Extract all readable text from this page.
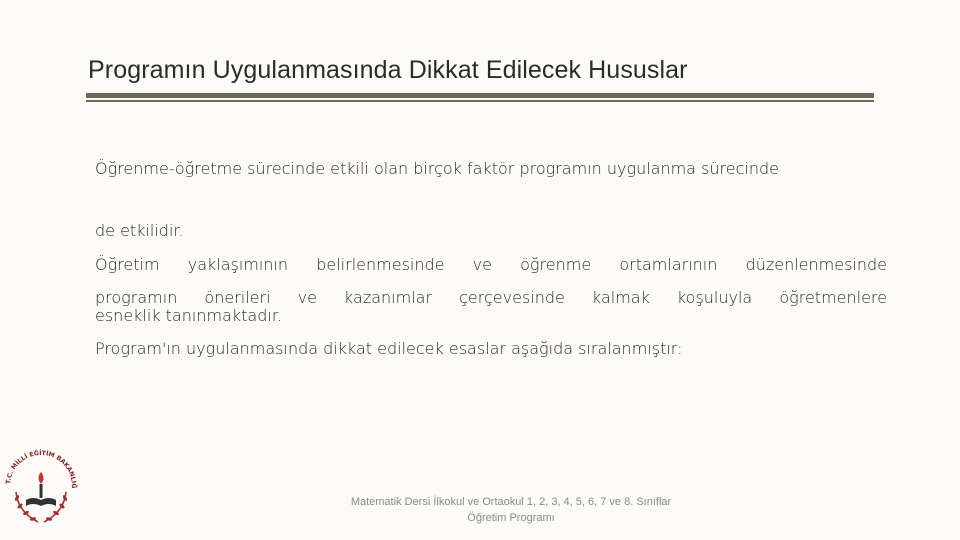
Programın Uygulanmasında Dikkat Edilecek Hususlar
Öğrenme-öğretme sürecinde etkili olan birçok faktör programın uygulanma sürecinde
de etkilidir.
Öğretim yaklaşımının belirlenmesinde ve öğrenme ortamlarının düzenlenmesinde
programın önerileri ve kazanımlar çerçevesinde kalmak koşuluyla öğretmenlere
esneklik tanınmaktadır.
Program'ın uygulanmasında dikkat edilecek esaslar aşağıda sıralanmıştır:
T.C. MİLLİ EĞİTİM BAKANLIĞ
Matematik Dersi İlkokul ve Ortaokul 1, 2, 3, 4, 5, 6, 7 ve 8. Sınıflar
Öğretim Programı
